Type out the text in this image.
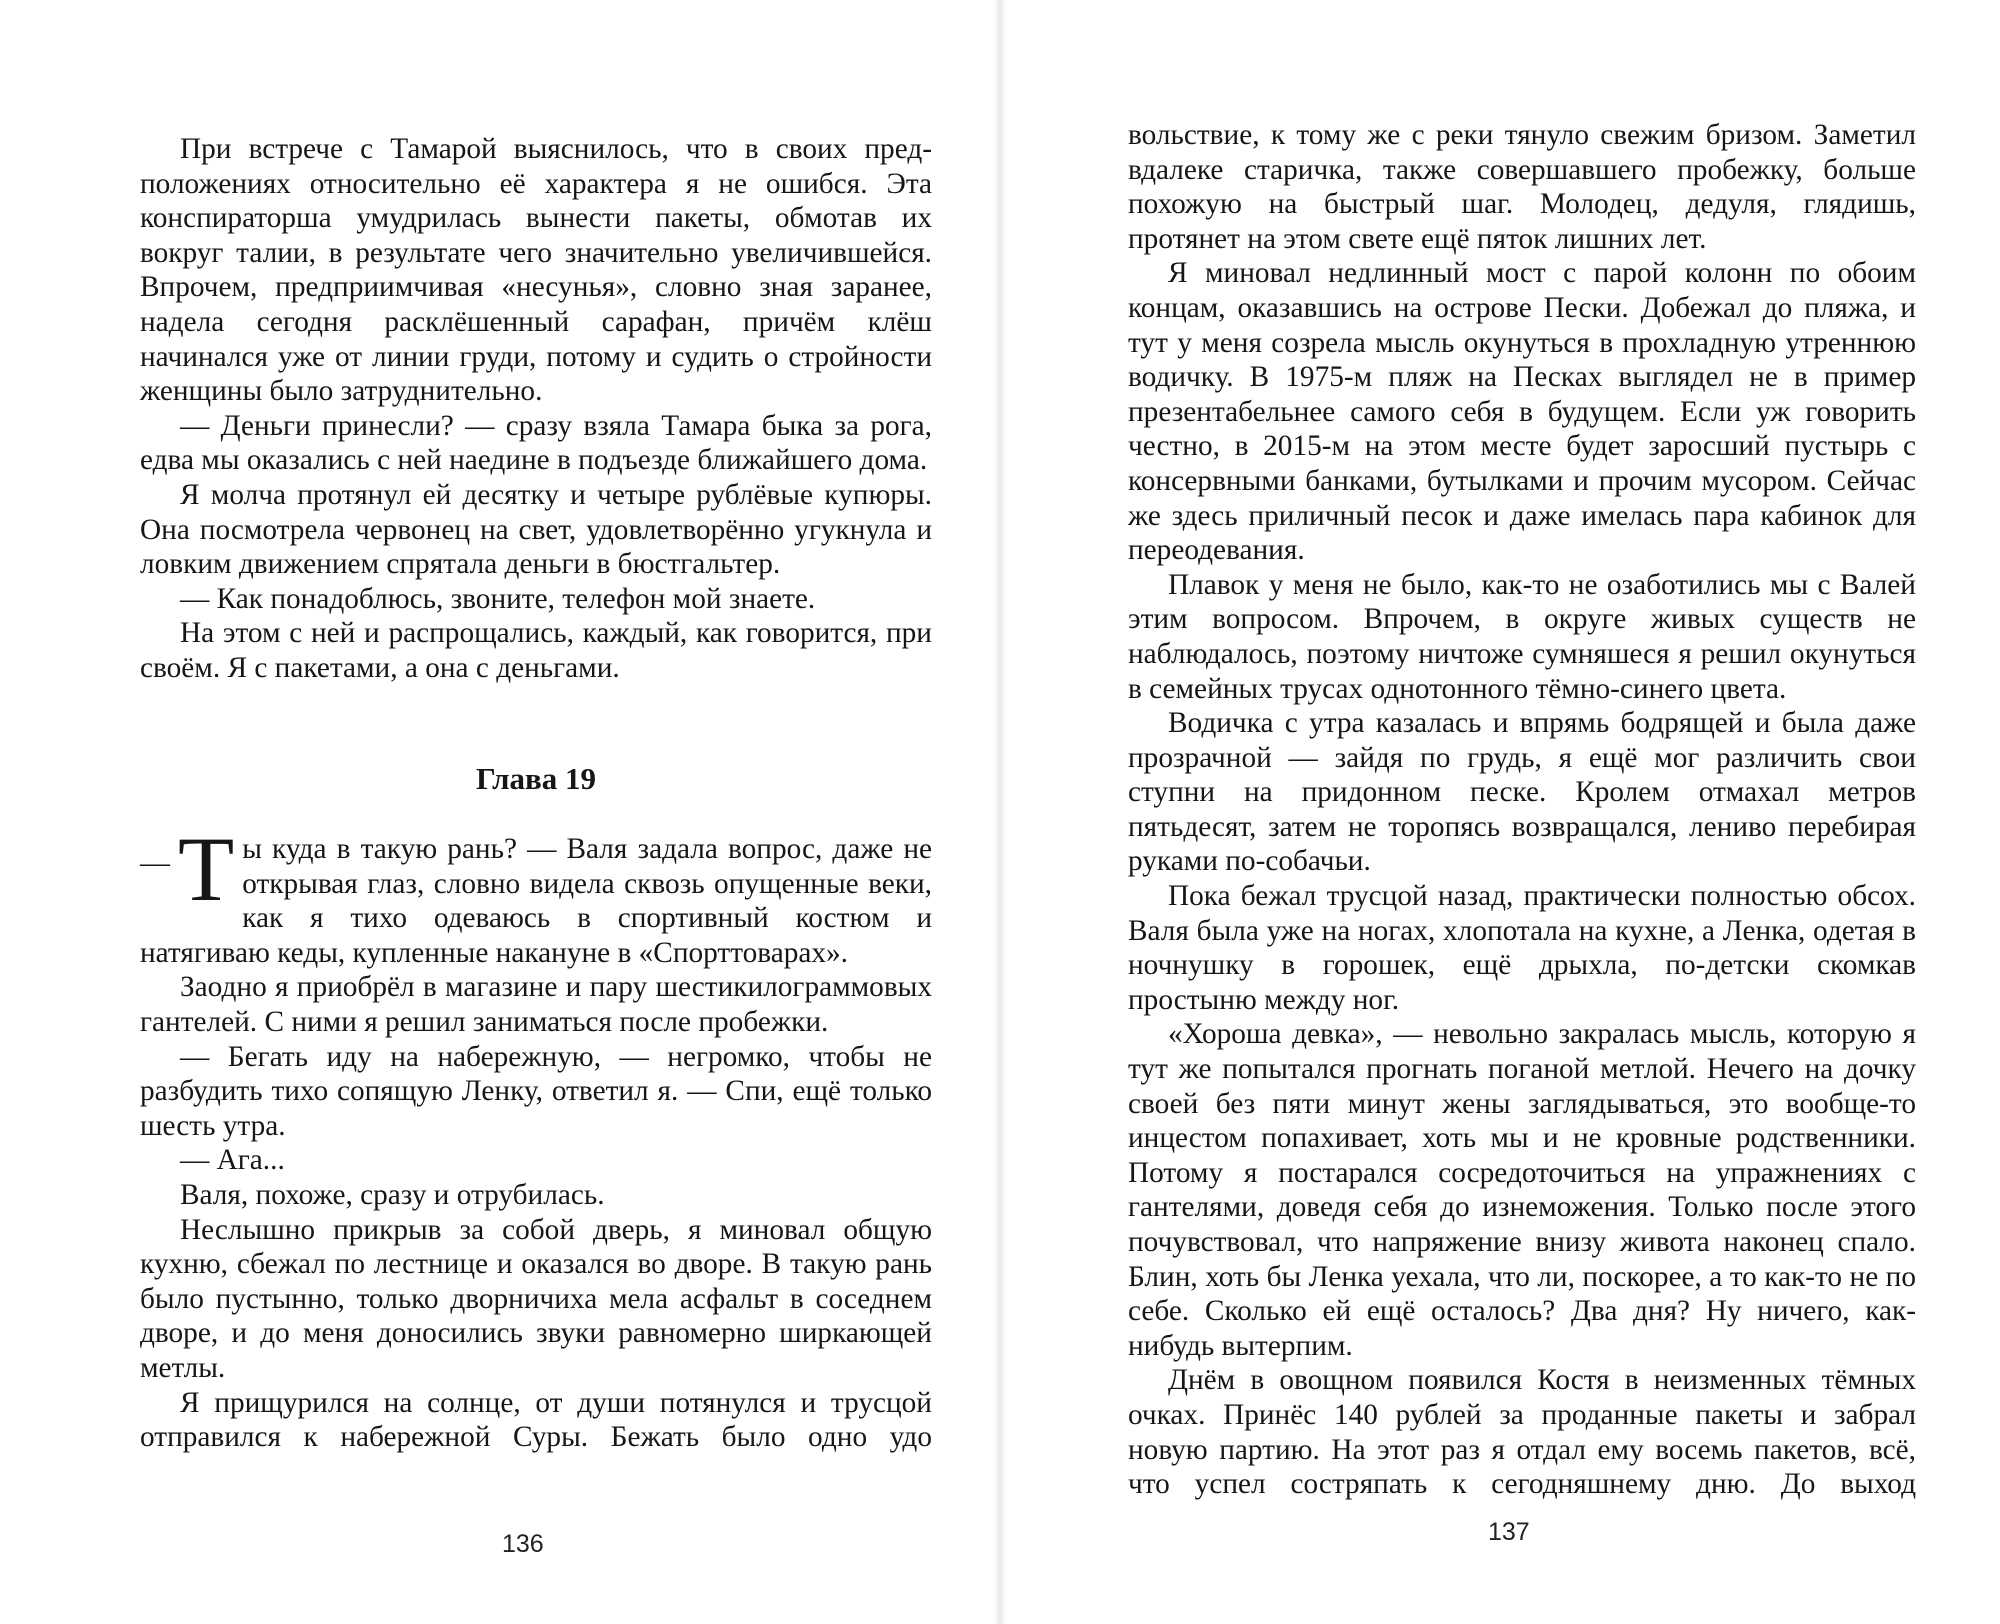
При встрече с Тамарой выяснилось, что в своих предположениях относительно её характера я не ошибся. Эта конспираторша умудрилась вынести пакеты, обмотав их вокруг талии, в результате чего значительно увеличившейся. Впрочем, предприимчивая «несунья», словно зная заранее, надела сегодня расклёшенный сарафан, причём клёш начинался уже от линии груди, потому и судить о стройности женщины было затруднительно.

— Деньги принесли? — сразу взяла Тамара быка за рога, едва мы оказались с ней наедине в подъезде ближайшего дома.

Я молча протянул ей десятку и четыре рублёвые купюры. Она посмотрела червонец на свет, удовлетворённо угукнула и ловким движением спрятала деньги в бюстгальтер.

— Как понадоблюсь, звоните, телефон мой знаете.

На этом с ней и распрощались, каждый, как говорится, при своём. Я с пакетами, а она с деньгами.

Глава 19

— Т ы куда в такую рань? — Валя задала вопрос, даже не открывая глаз, словно видела сквозь опущенные веки, как я тихо одеваюсь в спортивный костюм и натягиваю кеды, купленные накануне в «Спорттоварах».

Заодно я приобрёл в магазине и пару шестикилограммовых гантелей. С ними я решил заниматься после пробежки.

— Бегать иду на набережную, — негромко, чтобы не разбудить тихо сопящую Ленку, ответил я. — Спи, ещё только шесть утра.

— Ага...

Валя, похоже, сразу и отрубилась.

Неслышно прикрыв за собой дверь, я миновал общую кухню, сбежал по лестнице и оказался во дворе. В такую рань было пустынно, только дворничиха мела асфальт в соседнем дворе, и до меня доносились звуки равномерно ширкающей метлы.

Я прищурился на солнце, от души потянулся и трусцой отправился к набережной Суры. Бежать было одно удо

136

вольствие, к тому же с реки тянуло свежим бризом. Заметил вдалеке старичка, также совершавшего пробежку, больше похожую на быстрый шаг. Молодец, дедуля, глядишь, протянет на этом свете ещё пяток лишних лет.

Я миновал недлинный мост с парой колонн по обоим концам, оказавшись на острове Пески. Добежал до пляжа, и тут у меня созрела мысль окунуться в прохладную утреннюю водичку. В 1975-м пляж на Песках выглядел не в пример презентабельнее самого себя в будущем. Если уж говорить честно, в 2015-м на этом месте будет заросший пустырь с консервными банками, бутылками и прочим мусором. Сейчас же здесь приличный песок и даже имелась пара кабинок для переодевания.

Плавок у меня не было, как-то не озаботились мы с Валей этим вопросом. Впрочем, в округе живых существ не наблюдалось, поэтому ничтоже сумняшеся я решил окунуться в семейных трусах однотонного тёмно-синего цвета.

Водичка с утра казалась и впрямь бодрящей и была даже прозрачной — зайдя по грудь, я ещё мог различить свои ступни на придонном песке. Кролем отмахал метров пятьдесят, затем не торопясь возвращался, лениво перебирая руками по-собачьи.

Пока бежал трусцой назад, практически полностью обсох. Валя была уже на ногах, хлопотала на кухне, а Ленка, одетая в ночнушку в горошек, ещё дрыхла, по-детски скомкав простыню между ног.

«Хороша девка», — невольно закралась мысль, которую я тут же попытался прогнать поганой метлой. Нечего на дочку своей без пяти минут жены заглядываться, это вообще-то инцестом попахивает, хоть мы и не кровные родственники. Потому я постарался сосредоточиться на упражнениях с гантелями, доведя себя до изнеможения. Только после этого почувствовал, что напряжение внизу живота наконец спало. Блин, хоть бы Ленка уехала, что ли, поскорее, а то как-то не по себе. Сколько ей ещё осталось? Два дня? Ну ничего, как-нибудь вытерпим.

Днём в овощном появился Костя в неизменных тёмных очках. Принёс 140 рублей за проданные пакеты и забрал новую партию. На этот раз я отдал ему восемь пакетов, всё, что успел состряпать к сегодняшнему дню. До выход

137
